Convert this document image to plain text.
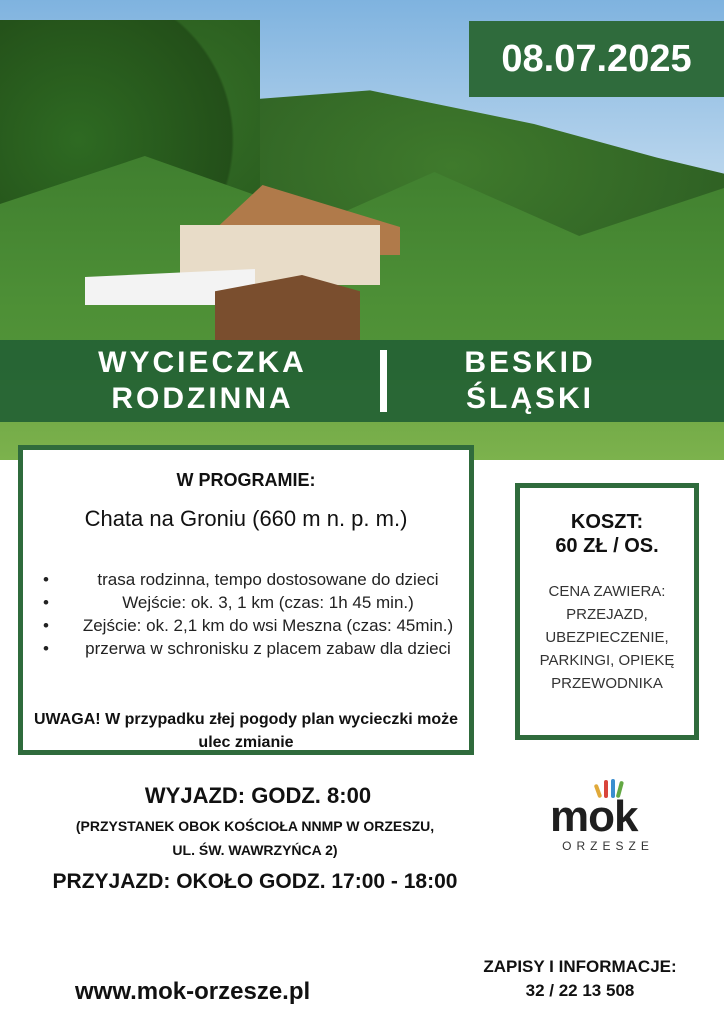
08.07.2025
WYCIECZKA
RODZINNA
BESKID
ŚLĄSKI
W PROGRAMIE:
Chata na Groniu (660 m n. p. m.)
• trasa rodzinna, tempo dostosowane do dzieci
• Wejście: ok. 3, 1 km (czas: 1h 45 min.)
• Zejście: ok. 2,1 km do wsi Meszna (czas: 45min.)
• przerwa w schronisku z placem zabaw dla dzieci
UWAGA! W przypadku złej pogody plan wycieczki może ulec zmianie
KOSZT:
60 ZŁ / OS.
CENA ZAWIERA: PRZEJAZD, UBEZPIECZENIE, PARKINGI, OPIEKĘ PRZEWODNIKA
WYJAZD: GODZ. 8:00
(PRZYSTANEK OBOK KOŚCIOŁA NNMP W ORZESZU,
UL. ŚW. WAWRZYŃCA 2)
PRZYJAZD: OKOŁO GODZ. 17:00 - 18:00
mok
ORZESZE
www.mok-orzesze.pl
ZAPISY I INFORMACJE:
32 / 22 13 508
